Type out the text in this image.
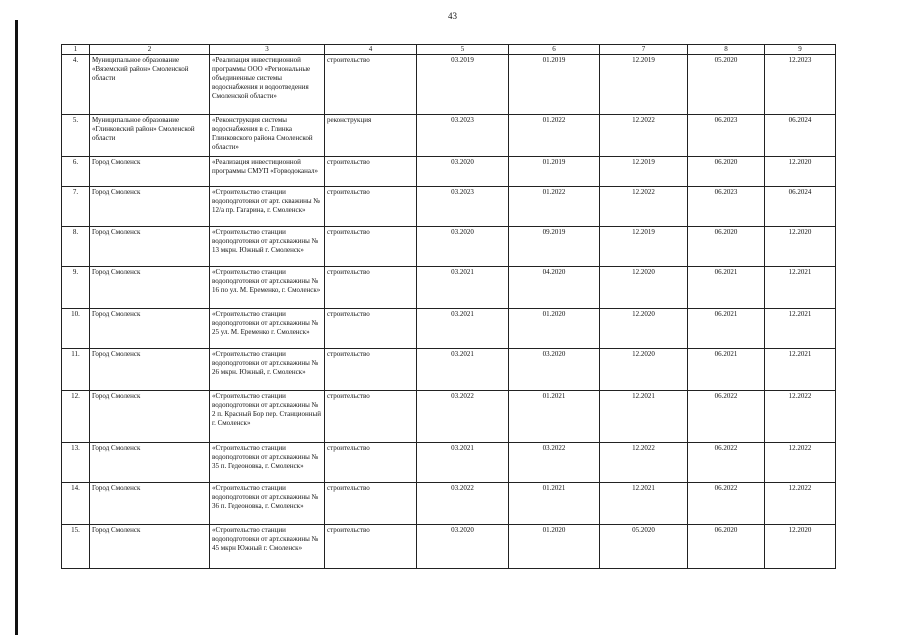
43
1	2	3	4	5	6	7	8	9
4.	Муниципальное образование «Вяземский район» Смоленской области	«Реализация инвестиционной программы ООО «Региональные объединенные системы водоснабжения и водоотведения Смоленской области»	строительство	03.2019	01.2019	12.2019	05.2020	12.2023
5.	Муниципальное образование «Глинковский район» Смоленской области	«Реконструкция системы водоснабжения в с. Глинка Глинковского района Смоленской области»	реконструкция	03.2023	01.2022	12.2022	06.2023	06.2024
6.	Город Смоленск	«Реализация инвестиционной программы СМУП «Горводоканал»	строительство	03.2020	01.2019	12.2019	06.2020	12.2020
7.	Город Смоленск	«Строительство станции водоподготовки от арт. скважины № 12/а пр. Гагарина, г. Смоленск»	строительство	03.2023	01.2022	12.2022	06.2023	06.2024
8.	Город Смоленск	«Строительство станции водоподготовки от арт.скважины № 13 мкрн. Южный г. Смоленск»	строительство	03.2020	09.2019	12.2019	06.2020	12.2020
9.	Город Смоленск	«Строительство станции водоподготовки от арт.скважины № 16 по ул. М. Еременко, г. Смоленск»	строительство	03.2021	04.2020	12.2020	06.2021	12.2021
10.	Город Смоленск	«Строительство станции водоподготовки от арт.скважины № 25 ул. М. Еременко г. Смоленск»	строительство	03.2021	01.2020	12.2020	06.2021	12.2021
11.	Город Смоленск	«Строительство станции водоподготовки от арт.скважины № 26 мкрн. Южный, г. Смоленск»	строительство	03.2021	03.2020	12.2020	06.2021	12.2021
12.	Город Смоленск	«Строительство станции водоподготовки от арт.скважины № 2 п. Красный Бор пер. Станционный г. Смоленск»	строительство	03.2022	01.2021	12.2021	06.2022	12.2022
13.	Город Смоленск	«Строительство станции водоподготовки от арт.скважины № 35 п. Гедеоновка, г. Смоленск»	строительство	03.2021	03.2022	12.2022	06.2022	12.2022
14.	Город Смоленск	«Строительство станции водоподготовки от арт.скважины № 36 п. Гедеоновка, г. Смоленск»	строительство	03.2022	01.2021	12.2021	06.2022	12.2022
15.	Город Смоленск	«Строительство станции водоподготовки от арт.скважины № 45 мкрн Южный г. Смоленск»	строительство	03.2020	01.2020	05.2020	06.2020	12.2020
